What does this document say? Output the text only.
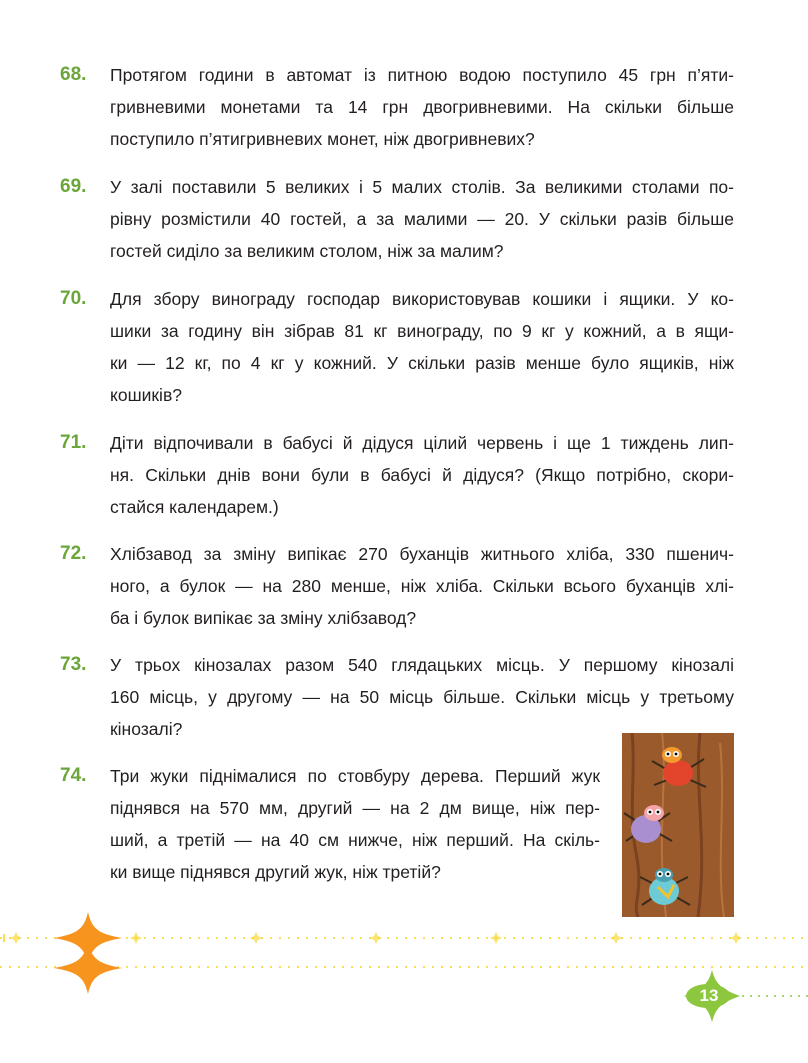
68. Протягом години в автомат із питною водою поступило 45 грн п’яти-
гривневими монетами та 14 грн двогривневими. На скільки більше
поступило п’ятигривневих монет, ніж двогривневих?
69. У залі поставили 5 великих і 5 малих столів. За великими столами по-
рівну розмістили 40 гостей, а за малими — 20. У скільки разів більше
гостей сиділо за великим столом, ніж за малим?
70. Для збору винограду господар використовував кошики і ящики. У ко-
шики за годину він зібрав 81 кг винограду, по 9 кг у кожний, а в ящи-
ки — 12 кг, по 4 кг у кожний. У скільки разів менше було ящиків, ніж
кошиків?
71. Діти відпочивали в бабусі й дідуся цілий червень і ще 1 тиждень лип-
ня. Скільки днів вони були в бабусі й дідуся? (Якщо потрібно, скори-
стайся календарем.)
72. Хлібзавод за зміну випікає 270 буханців житнього хліба, 330 пшенич-
ного, а булок — на 280 менше, ніж хліба. Скільки всього буханців хлі-
ба і булок випікає за зміну хлібзавод?
73. У трьох кінозалах разом 540 глядацьких місць. У першому кінозалі
160 місць, у другому — на 50 місць більше. Скільки місць у третьому
кінозалі?
74. Три жуки піднімалися по стовбуру дерева. Перший жук
піднявся на 570 мм, другий — на 2 дм вище, ніж пер-
ший, а третій — на 40 см нижче, ніж перший. На скіль-
ки вище піднявся другий жук, ніж третій?
13
